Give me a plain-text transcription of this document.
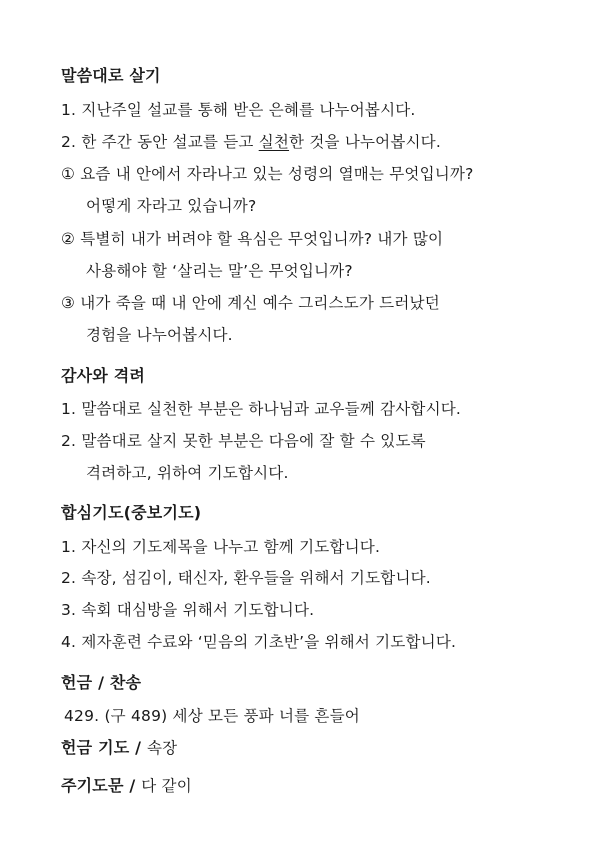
말씀대로 살기
1. 지난주일 설교를 통해 받은 은혜를 나누어봅시다.
2. 한 주간 동안 설교를 듣고 실천한 것을 나누어봅시다.
① 요즘 내 안에서 자라나고 있는 성령의 열매는 무엇입니까?
어떻게 자라고 있습니까?
② 특별히 내가 버려야 할 욕심은 무엇입니까? 내가 많이
사용해야 할 ‘살리는 말’은 무엇입니까?
③ 내가 죽을 때 내 안에 계신 예수 그리스도가 드러났던
경험을 나누어봅시다.
감사와 격려
1. 말씀대로 실천한 부분은 하나님과 교우들께 감사합시다.
2. 말씀대로 살지 못한 부분은 다음에 잘 할 수 있도록
격려하고, 위하여 기도합시다.
합심기도(중보기도)
1. 자신의 기도제목을 나누고 함께 기도합니다.
2. 속장, 섬김이, 태신자, 환우들을 위해서 기도합니다.
3. 속회 대심방을 위해서 기도합니다.
4. 제자훈련 수료와 ‘믿음의 기초반’을 위해서 기도합니다.
헌금 / 찬송
429. (구 489) 세상 모든 풍파 너를 흔들어
헌금 기도 / 속장
주기도문 / 다 같이
